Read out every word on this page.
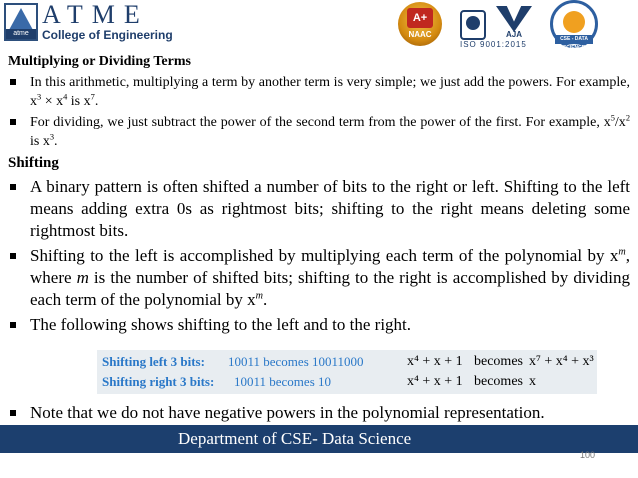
atme
ATME
College of Engineering
A+
NAAC	AJA
ISO 9001:2015
CSE - DATA SCIENCE
Multiplying or Dividing Terms
In this arithmetic, multiplying a term by another term is very simple; we just add the powers. For example, $x^3 \times x^4$ is $x^7$.
For dividing, we just subtract the power of the second term from the power of the first. For example, $x^5/x^2$ is $x^3$.
Shifting
A binary pattern is often shifted a number of bits to the right or left. Shifting to the left means adding extra 0s as rightmost bits; shifting to the right means deleting some rightmost bits.
Shifting to the left is accomplished by multiplying each term of the polynomial by $x^m$, where m is the number of shifted bits; shifting to the right is accomplished by dividing each term of the polynomial by $x^m$.
The following shows shifting to the left and to the right.
Shifting left 3 bits: 10011 becomes 10011000	x⁴ + x + 1 becomes x⁷ + x⁴ + x³
Shifting right 3 bits: 10011 becomes 10	x⁴ + x + 1 becomes x
Note that we do not have negative powers in the polynomial representation.
Department of CSE- Data Science
100
